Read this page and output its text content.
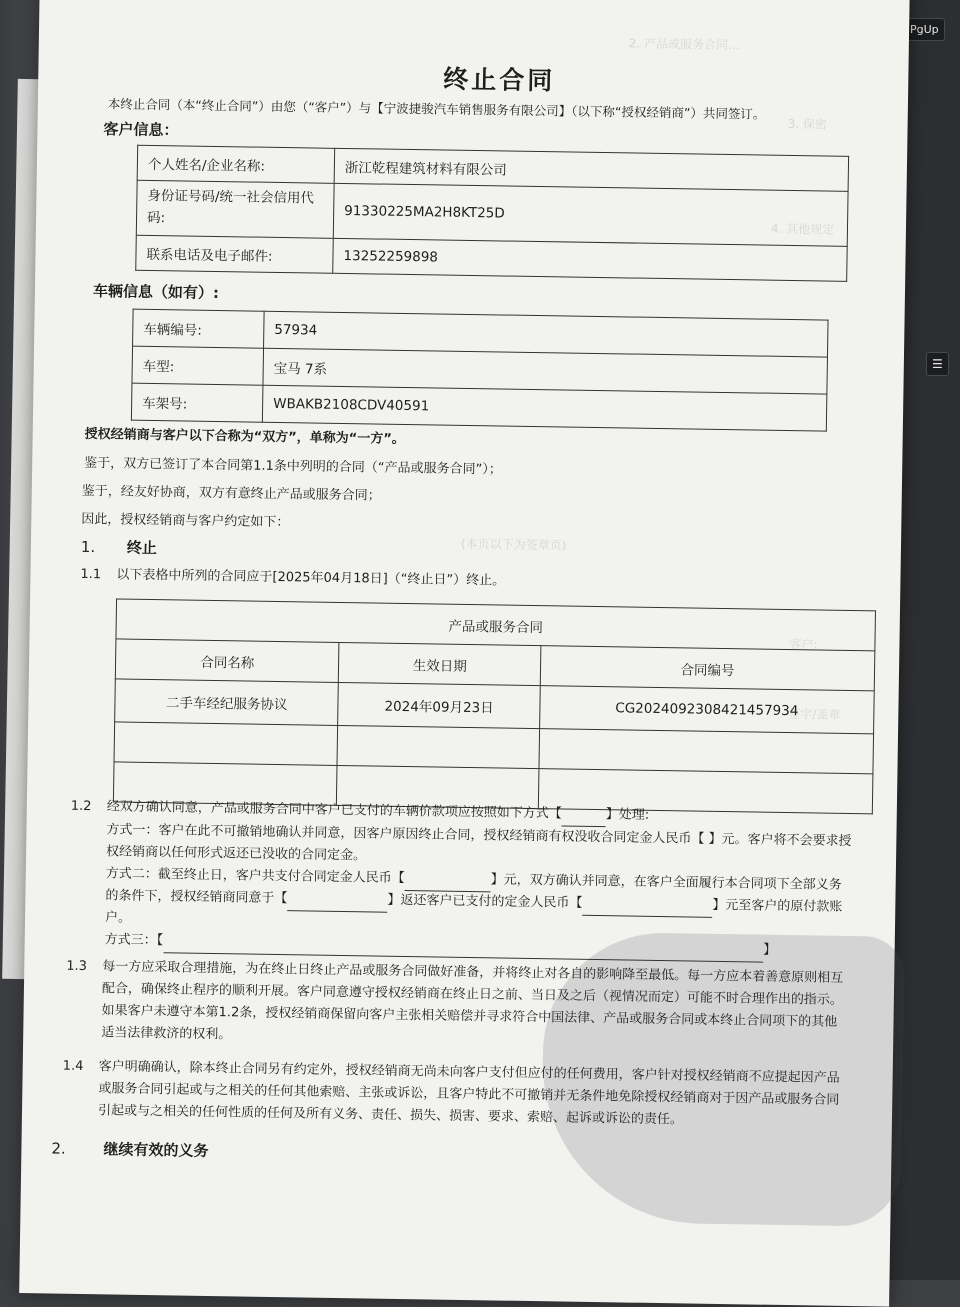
PgUp
☰
2. 产品或服务合同…
3. 保密
4. 其他规定
(本页以下为签章页)
客户:
签字/盖章
终止合同
本终止合同（本“终止合同”）由您（“客户”）与【宁波捷骏汽车销售服务有限公司】（以下称“授权经销商”）共同签订。
客户信息：
个人姓名/企业名称:	浙江乾程建筑材料有限公司
身份证号码/统一社会信用代码:	91330225MA2H8KT25D
联系电话及电子邮件:	13252259898
车辆信息（如有）:
车辆编号:	57934
车型:	宝马 7系
车架号:	WBAKB2108CDV40591
授权经销商与客户以下合称为“双方”，单称为“一方”。
鉴于，双方已签订了本合同第1.1条中列明的合同（“产品或服务合同”）；
鉴于，经友好协商，双方有意终止产品或服务合同；
因此，授权经销商与客户约定如下：
1. 终止
1.1 以下表格中所列的合同应于[2025年04月18日]（“终止日”）终止。
产品或服务合同		
合同名称	生效日期	合同编号
二手车经纪服务协议	2024年09月23日	CG2024092308421457934

1.2 经双方确认同意，产品或服务合同中客户已支付的车辆价款项应按照如下方式【	】处理:
方式一：客户在此不可撤销地确认并同意，因客户原因终止合同，授权经销商有权没收合同定金人民币【 】元。客户将不会要求授
权经销商以任何形式返还已没收的合同定金。
方式二：截至终止日，客户共支付合同定金人民币【	】元，双方确认并同意，在客户全面履行本合同项下全部义务
的条件下，授权经销商同意于【	】返还客户已支付的定金人民币【	】元至客户的原付款账
户。
方式三：【 】
1.3 每一方应采取合理措施，为在终止日终止产品或服务合同做好准备，并将终止对各自的影响降至最低。每一方应本着善意原则相互
配合，确保终止程序的顺利开展。客户同意遵守授权经销商在终止日之前、当日及之后（视情况而定）可能不时合理作出的指示。
如果客户未遵守本第1.2条，授权经销商保留向客户主张相关赔偿并寻求符合中国法律、产品或服务合同或本终止合同项下的其他
适当法律救济的权利。
1.4 客户明确确认，除本终止合同另有约定外，授权经销商无尚未向客户支付但应付的任何费用，客户针对授权经销商不应提起因产品
或服务合同引起或与之相关的任何其他索赔、主张或诉讼，且客户特此不可撤销并无条件地免除授权经销商对于因产品或服务合同
引起或与之相关的任何性质的任何及所有义务、责任、损失、损害、要求、索赔、起诉或诉讼的责任。
2. 继续有效的义务
